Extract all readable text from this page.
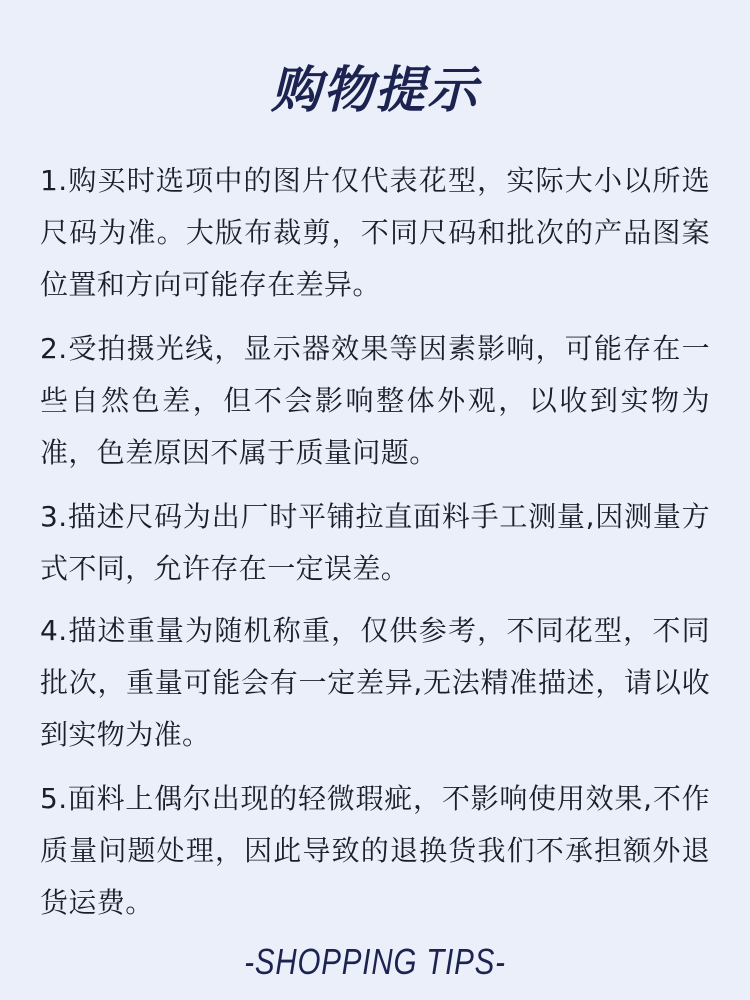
购物提示

1.购买时选项中的图片仅代表花型，实际大小以所选尺码为准。大版布裁剪，不同尺码和批次的产品图案位置和方向可能存在差异。

2.受拍摄光线，显示器效果等因素影响，可能存在一些自然色差，但不会影响整体外观，以收到实物为准，色差原因不属于质量问题。

3.描述尺码为出厂时平铺拉直面料手工测量,因测量方式不同，允许存在一定误差。

4.描述重量为随机称重，仅供参考，不同花型，不同批次，重量可能会有一定差异,无法精准描述，请以收到实物为准。

5.面料上偶尔出现的轻微瑕疵，不影响使用效果,不作质量问题处理，因此导致的退换货我们不承担额外退货运费。

-SHOPPING TIPS-
